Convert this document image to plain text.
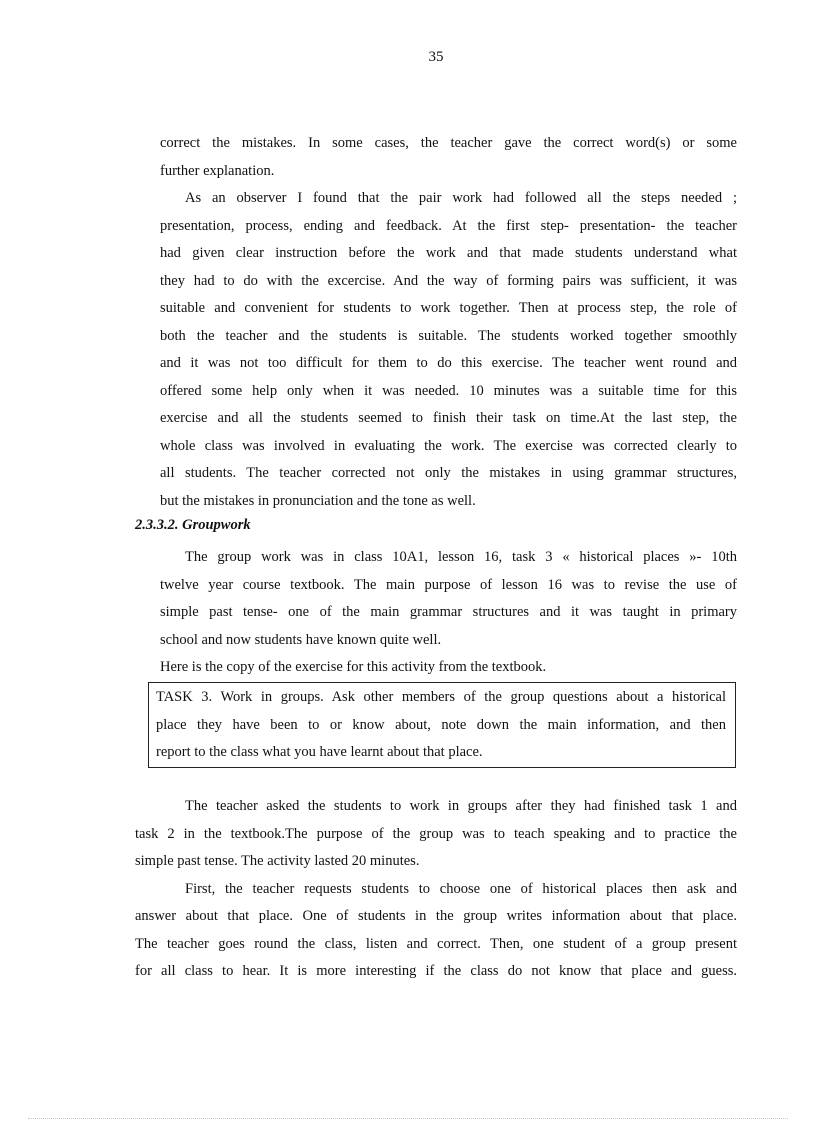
35
correct the mistakes. In some cases, the teacher gave the correct word(s) or some
further explanation.
As an observer I found that the pair work had followed all the steps needed ;
presentation, process, ending and feedback. At the first step- presentation- the teacher
had given clear instruction before the work and that made students understand what
they had to do with the excercise. And the way of forming pairs was sufficient, it was
suitable and convenient for students to work together. Then at process step, the role of
both the teacher and the students is suitable. The students worked together smoothly
and it was not too difficult for them to do this exercise. The teacher went round and
offered some help only when it was needed. 10 minutes was a suitable time for this
exercise and all the students seemed to finish their task on time.At the last step, the
whole class was involved in evaluating the work. The exercise was corrected clearly to
all students. The teacher corrected not only the mistakes in using grammar structures,
but the mistakes in pronunciation and the tone as well.
2.3.3.2. Groupwork
The group work was in class 10A1, lesson 16, task 3 « historical places »- 10th
twelve year course textbook. The main purpose of lesson 16 was to revise the use of
simple past tense- one of the main grammar structures and it was taught in primary
school and now students have known quite well.
Here is the copy of the exercise for this activity from the textbook.
TASK 3. Work in groups. Ask other members of the group questions about a historical
place they have been to or know about, note down the main information, and then
report to the class what you have learnt about that place.
The teacher asked the students to work in groups after they had finished task 1 and
task 2 in the textbook.The purpose of the group was to teach speaking and to practice the
simple past tense. The activity lasted 20 minutes.
First, the teacher requests students to choose one of historical places then ask and
answer about that place. One of students in the group writes information about that place.
The teacher goes round the class, listen and correct. Then, one student of a group present
for all class to hear. It is more interesting if the class do not know that place and guess.
